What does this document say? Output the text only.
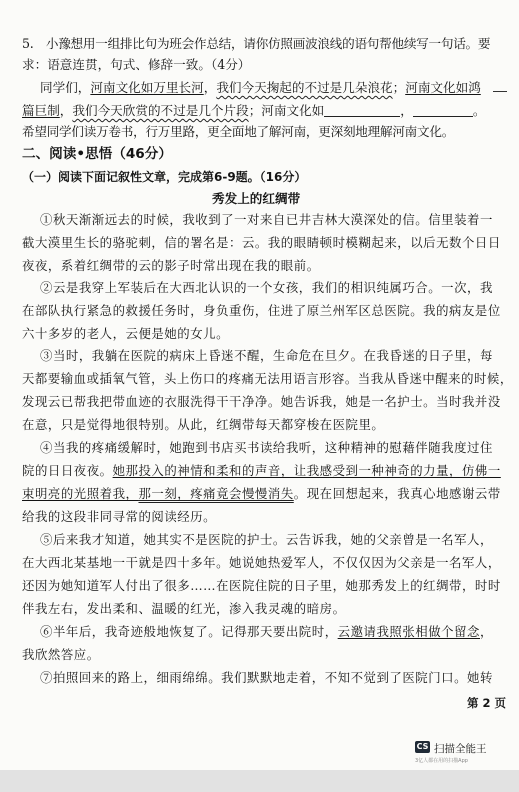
5.　小豫想用一组排比句为班会作总结，请你仿照画波浪线的语句帮他续写一句话。要
求：语意连贯，句式、修辞一致。（4分）
同学们，河南文化如万里长河，我们今天掬起的不过是几朵浪花；河南文化如鸿
篇巨制，我们今天欣赏的不过是几个片段；河南文化如	，	。
希望同学们读万卷书，行万里路，更全面地了解河南，更深刻地理解河南文化。
二、阅读•思悟（46分）
（一）阅读下面记叙性文章，完成第6-9题。（16分）
秀发上的红绸带
①秋天渐渐远去的时候，我收到了一对来自已井吉林大漠深处的信。信里装着一
截大漠里生长的骆驼刺，信的署名是：云。我的眼睛顿时模糊起来，以后无数个日日
夜夜，系着红绸带的云的影子时常出现在我的眼前。
②云是我穿上军装后在大西北认识的一个女孩，我们的相识纯属巧合。一次，我
在部队执行紧急的救援任务时，身负重伤，住进了原兰州军区总医院。我的病友是位
六十多岁的老人，云便是她的女儿。
③当时，我躺在医院的病床上昏迷不醒，生命危在旦夕。在我昏迷的日子里，每
天都要输血或插氧气管，头上伤口的疼痛无法用语言形容。当我从昏迷中醒来的时候，
发现云已帮我把带血迹的衣服洗得干干净净。她告诉我，她是一名护士。当时我并没
在意，只是觉得地很特别。从此，红绸带每天都穿梭在医院里。
④当我的疼痛缓解时，她跑到书店买书读给我听，这种精神的慰藉伴随我度过住
院的日日夜夜。她那投入的神情和柔和的声音，让我感受到一种神奇的力量，仿佛一
束明亮的光照着我，那一刻，疼痛竟会慢慢消失。现在回想起来，我真心地感谢云带
给我的这段非同寻常的阅读经历。
⑤后来我才知道，她其实不是医院的护士。云告诉我，她的父亲曾是一名军人，
在大西北某基地一干就是四十多年。她说她热爱军人，不仅仅因为父亲是一名军人，
还因为她知道军人付出了很多……在医院住院的日子里，她那秀发上的红绸带，时时
伴我左右，发出柔和、温暖的红光，渗入我灵魂的暗房。
⑥半年后，我奇迹般地恢复了。记得那天要出院时，云邀请我照张相做个留念，
我欣然答应。
⑦拍照回来的路上，细雨绵绵。我们默默地走着，不知不觉到了医院门口。她转
第 2 页
CS 扫描全能王
3亿人都在用的扫描App
